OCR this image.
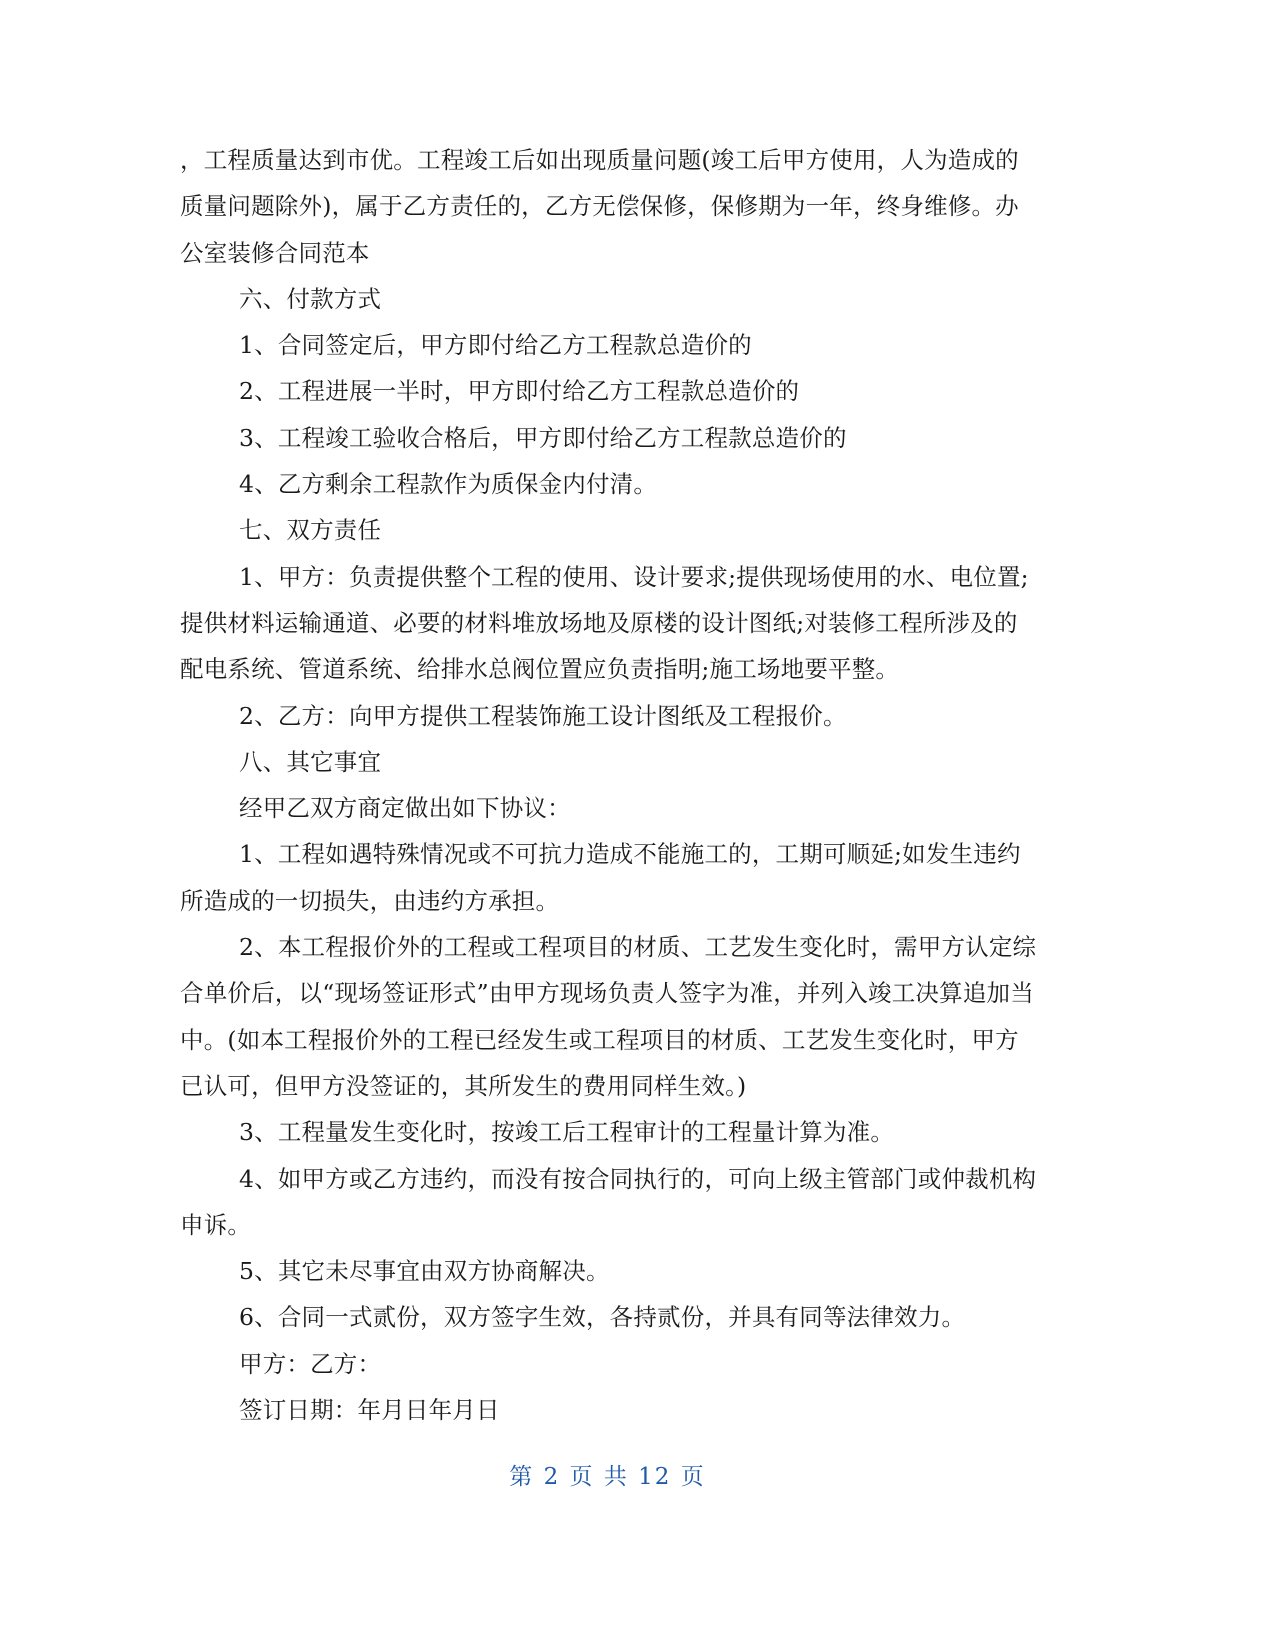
，工程质量达到市优。工程竣工后如出现质量问题(竣工后甲方使用，人为造成的质量问题除外)，属于乙方责任的，乙方无偿保修，保修期为一年，终身维修。办公室装修合同范本

六、付款方式

1、合同签定后，甲方即付给乙方工程款总造价的

2、工程进展一半时，甲方即付给乙方工程款总造价的

3、工程竣工验收合格后，甲方即付给乙方工程款总造价的

4、乙方剩余工程款作为质保金内付清。

七、双方责任

1、甲方：负责提供整个工程的使用、设计要求;提供现场使用的水、电位置;提供材料运输通道、必要的材料堆放场地及原楼的设计图纸;对装修工程所涉及的配电系统、管道系统、给排水总阀位置应负责指明;施工场地要平整。

2、乙方：向甲方提供工程装饰施工设计图纸及工程报价。

八、其它事宜

经甲乙双方商定做出如下协议：

1、工程如遇特殊情况或不可抗力造成不能施工的，工期可顺延;如发生违约所造成的一切损失，由违约方承担。

2、本工程报价外的工程或工程项目的材质、工艺发生变化时，需甲方认定综合单价后，以“现场签证形式”由甲方现场负责人签字为准，并列入竣工决算追加当中。(如本工程报价外的工程已经发生或工程项目的材质、工艺发生变化时，甲方已认可，但甲方没签证的，其所发生的费用同样生效。)

3、工程量发生变化时，按竣工后工程审计的工程量计算为准。

4、如甲方或乙方违约，而没有按合同执行的，可向上级主管部门或仲裁机构申诉。

5、其它未尽事宜由双方协商解决。

6、合同一式贰份，双方签字生效，各持贰份，并具有同等法律效力。

甲方：乙方：

签订日期：年月日年月日

第 2 页 共 12 页
